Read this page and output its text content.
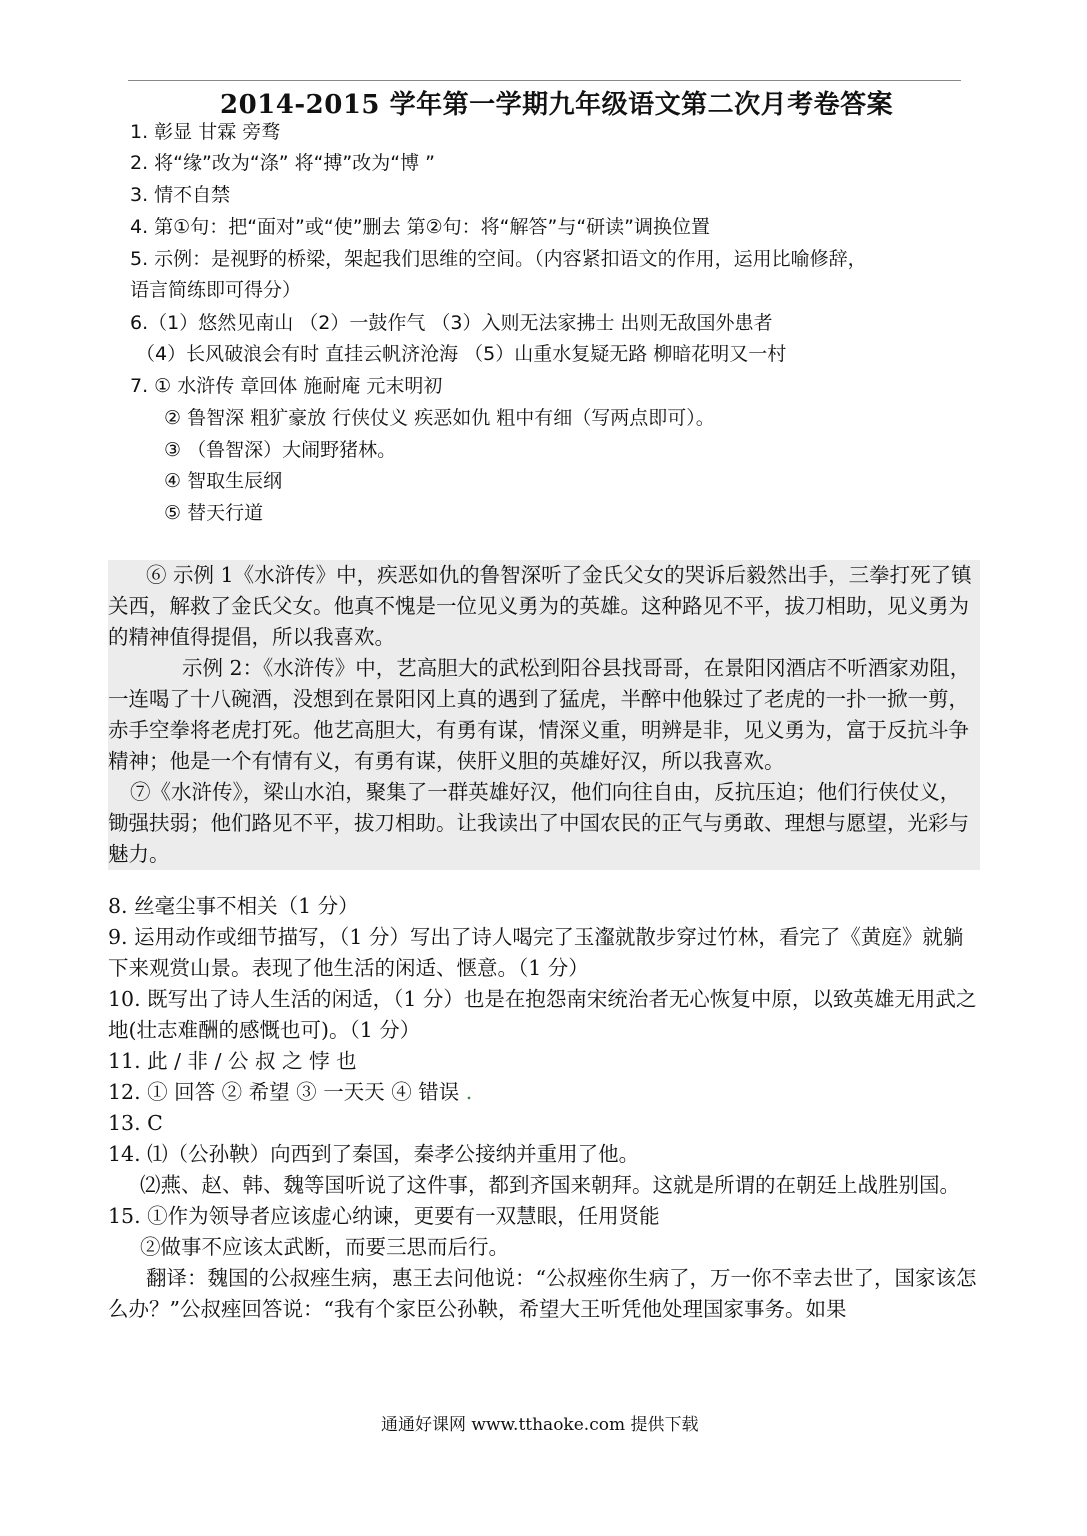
2014-2015 学年第一学期九年级语文第二次月考卷答案
1. 彰显 甘霖 旁骛
2. 将“缘”改为“涤” 将“搏”改为“博 ”
3. 情不自禁
4. 第①句：把“面对”或“使”删去 第②句：将“解答”与“研读”调换位置
5. 示例：是视野的桥梁，架起我们思维的空间。（内容紧扣语文的作用，运用比喻修辞，
语言简练即可得分）
6.（1）悠然见南山 （2）一鼓作气 （3）入则无法家拂士 出则无敌国外患者
（4）长风破浪会有时 直挂云帆济沧海 （5）山重水复疑无路 柳暗花明又一村
7. ① 水浒传 章回体 施耐庵 元末明初
② 鲁智深 粗犷豪放 行侠仗义 疾恶如仇 粗中有细（写两点即可）。
③ （鲁智深）大闹野猪林。
④ 智取生辰纲
⑤ 替天行道

⑥ 示例 1《水浒传》中，疾恶如仇的鲁智深听了金氏父女的哭诉后毅然出手，三拳打死了镇关西，解救了金氏父女。他真不愧是一位见义勇为的英雄。这种路见不平，拔刀相助，见义勇为的精神值得提倡，所以我喜欢。

示例 2：《水浒传》中，艺高胆大的武松到阳谷县找哥哥，在景阳冈酒店不听酒家劝阻，一连喝了十八碗酒，没想到在景阳冈上真的遇到了猛虎，半醉中他躲过了老虎的一扑一掀一剪，赤手空拳将老虎打死。他艺高胆大，有勇有谋，情深义重，明辨是非，见义勇为，富于反抗斗争精神；他是一个有情有义，有勇有谋，侠肝义胆的英雄好汉，所以我喜欢。

⑦《水浒传》，梁山水泊，聚集了一群英雄好汉，他们向往自由，反抗压迫；他们行侠仗义，锄强扶弱；他们路见不平，拔刀相助。让我读出了中国农民的正气与勇敢、理想与愿望，光彩与魅力。

8. 丝毫尘事不相关（1 分）

9. 运用动作或细节描写，（1 分）写出了诗人喝完了玉瀣就散步穿过竹林，看完了《黄庭》就躺下来观赏山景。表现了他生活的闲适、惬意。（1 分）

10. 既写出了诗人生活的闲适，（1 分）也是在抱怨南宋统治者无心恢复中原，以致英雄无用武之地(壮志难酬的感慨也可)。（1 分）

11. 此 / 非 / 公 叔 之 悖 也

12. ① 回答 ② 希望 ③ 一天天 ④ 错误 .

13. C

14. ⑴（公孙鞅）向西到了秦国，秦孝公接纳并重用了他。

⑵燕、赵、韩、魏等国听说了这件事，都到齐国来朝拜。这就是所谓的在朝廷上战胜别国。

15. ①作为领导者应该虚心纳谏，更要有一双慧眼，任用贤能

②做事不应该太武断，而要三思而后行。

翻译：魏国的公叔痤生病，惠王去问他说：“公叔痤你生病了，万一你不幸去世了，国家该怎么办？”公叔痤回答说：“我有个家臣公孙鞅，希望大王听凭他处理国家事务。如果

通通好课网 www.tthaoke.com 提供下载
